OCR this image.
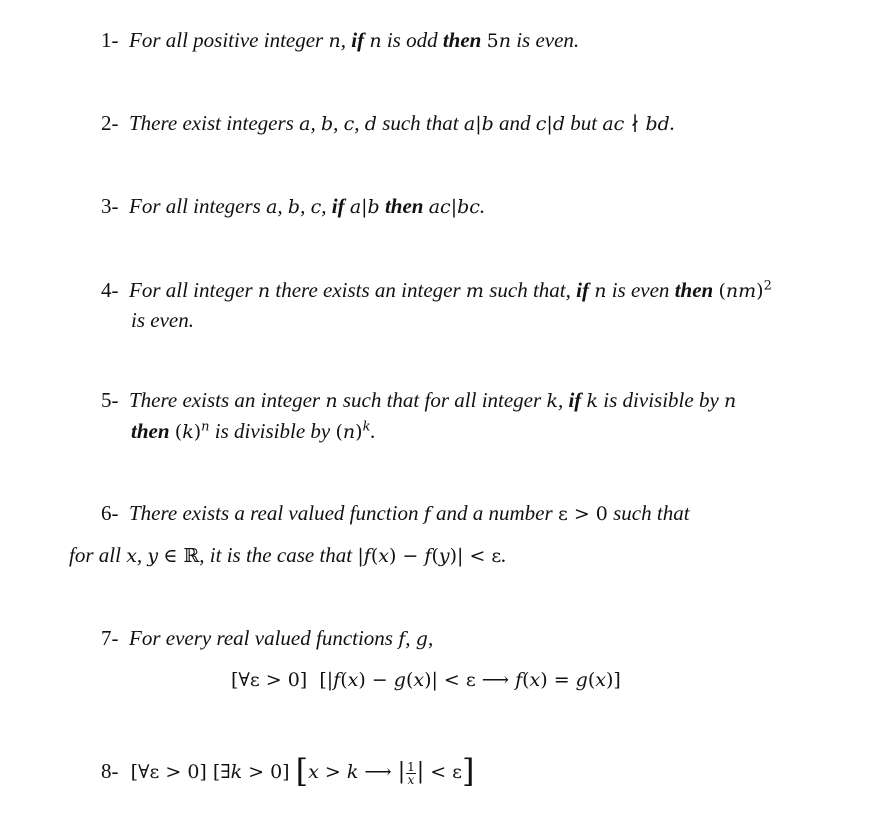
1-  For all positive integer n, if n is odd then 5n is even.
2-  There exist integers a, b, c, d such that a|b and c|d but ac ∤ bd.
3-  For all integers a, b, c, if a|b then ac|bc.
4-  For all integer n there exists an integer m such that, if n is even then (nm)$^2$
is even.
5-  There exists an integer n such that for all integer k, if k is divisible by n
then $(k)^n$ is divisible by $(n)^k$.
6-  There exists a real valued function f and a number ε > 0 such that
for all x, y ∈ ℝ, it is the case that |f(x) − f(y)| < ε.
7-  For every real valued functions f, g,
[∀ε > 0] [|f(x) − g(x)| < ε ⟶ f(x) = g(x)]
8- [∀ε > 0] [∃k > 0] [x > k ⟶ | $\frac{1}{x}$ | < ε]
